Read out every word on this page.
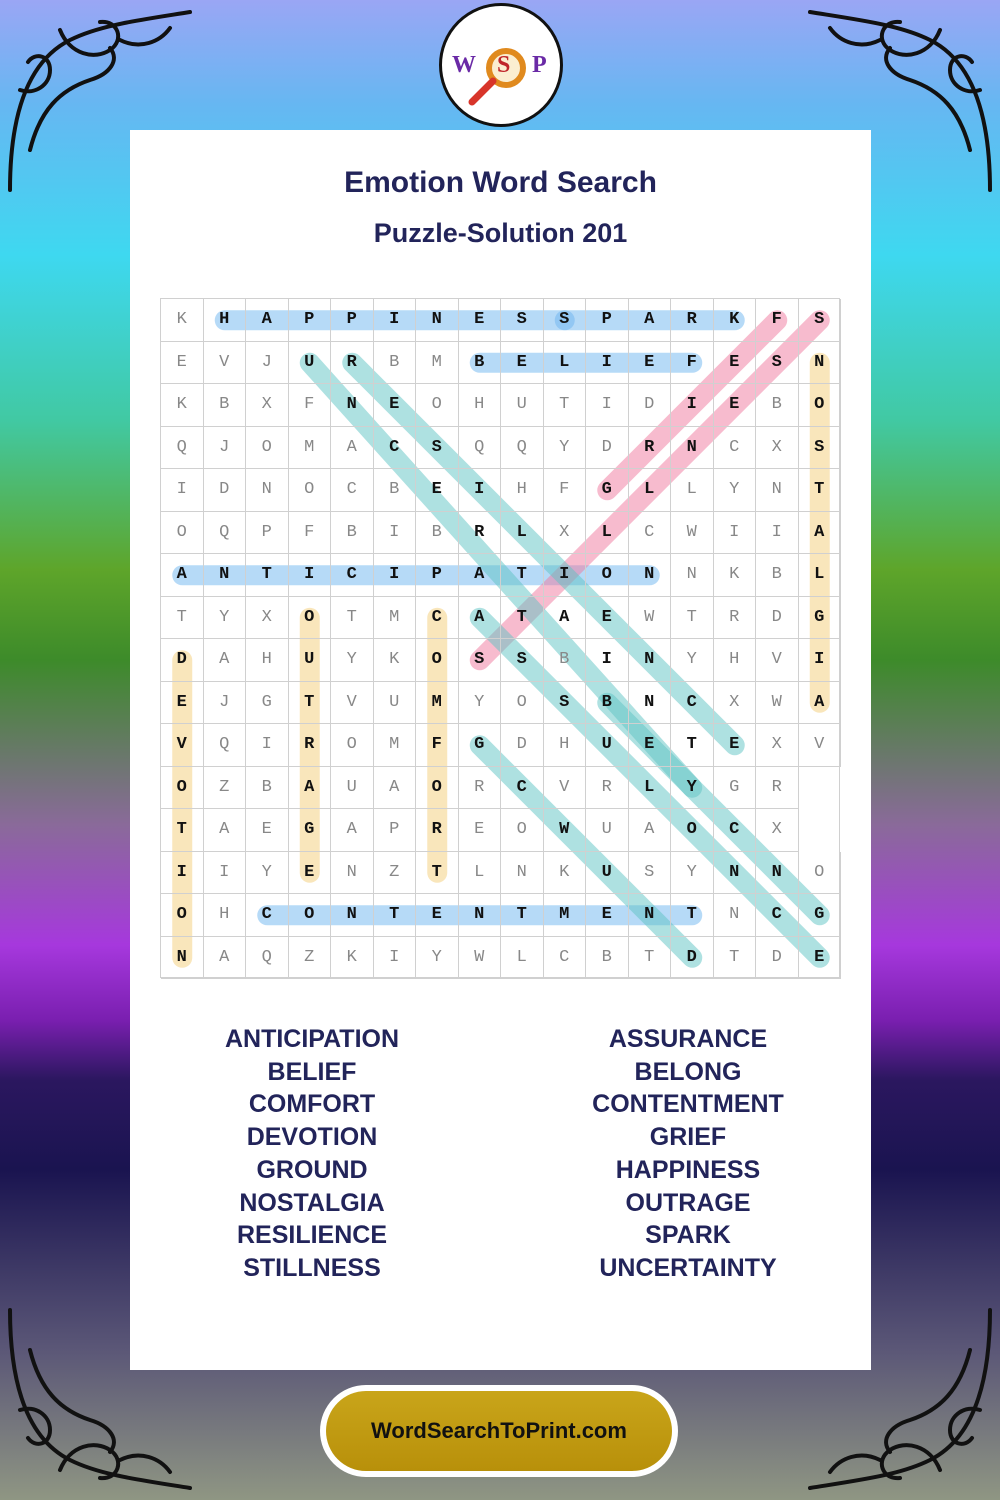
W S P
Emotion Word Search
Puzzle-Solution 201
K	H	A	P	P	I	N	E	S	S	P	A	R	K	F	S
E	V	J	U	R	B	M	B	E	L	I	E	F	E	S	N
K	B	X	F	N	E	O	H	U	T	I	D	I	E	B	O
Q	J	O	M	A	C	S	Q	Q	Y	D	R	N	C	X	S
I	D	N	O	C	B	E	I	H	F	G	L	L	Y	N	T
O	Q	P	F	B	I	B	R	L	X	L	C	W	I	I	A
A	N	T	I	C	I	P	A	T	I	O	N	N	K	B	L
T	Y	X	O	T	M	C	A	T	A	E	W	T	R	D	G
D	A	H	U	Y	K	O	S	S	B	I	N	Y	H	V	I
E	J	G	T	V	U	M	Y	O	S	B	N	C	X	W	A
V	Q	I	R	O	M	F	G	D	H	U	E	T	E	X	V
O	Z	B	A	U	A	O	R	C	V	R	L	Y	G	R
T	A	E	G	A	P	R	E	O	W	U	A	O	C	X
I	I	Y	E	N	Z	T	L	N	K	U	S	Y	N	N	O
O	H	C	O	N	T	E	N	T	M	E	N	T	N	C	G
N	A	Q	Z	K	I	Y	W	L	C	B	T	D	T	D	E
ANTICIPATION
BELIEF
COMFORT
DEVOTION
GROUND
NOSTALGIA
RESILIENCE
STILLNESS
ASSURANCE
BELONG
CONTENTMENT
GRIEF
HAPPINESS
OUTRAGE
SPARK
UNCERTAINTY
WordSearchToPrint.com
